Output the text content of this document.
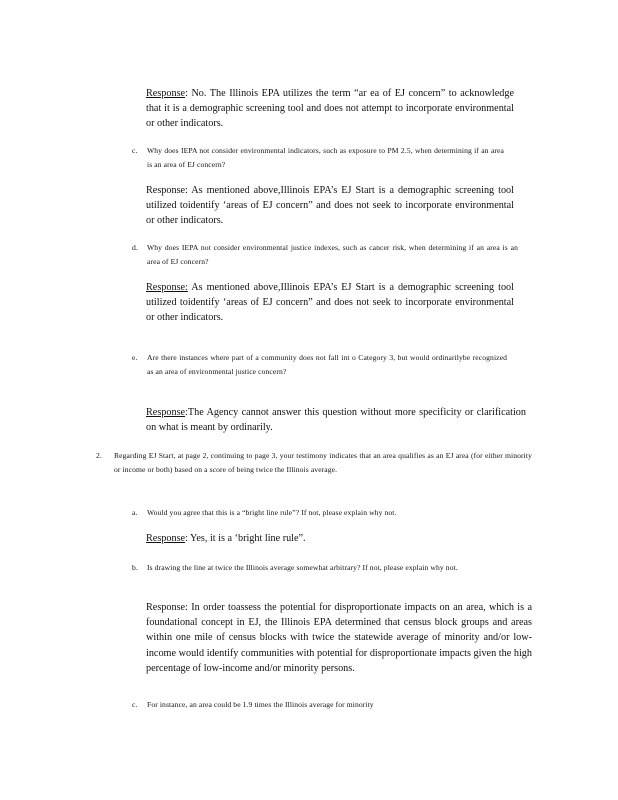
Response: No. The Illinois EPA utilizes the term “ar ea of EJ concern” to acknowledge that it is a demographic screening tool and does not attempt to incorporate environmental or other indicators.
c.	Why does IEPA not consider environmental indicators, such as exposure to PM 2.5, when determining if an area is an area of EJ concern?
Response: As mentioned above,Illinois EPA’s EJ Start is a demographic screening tool utilized toidentify ‘areas of EJ concern” and does not seek to incorporate environmental or other indicators.
d.	Why does IEPA not consider environmental justice indexes, such as cancer risk, when determining if an area is an area of EJ concern?
Response: As mentioned above,Illinois EPA’s EJ Start is a demographic screening tool utilized toidentify ‘areas of EJ concern” and does not seek to incorporate environmental or other indicators.
e.	Are there instances where part of a community does not fall int o Category 3, but would ordinarilybe recognized as an area of environmental justice concern?
Response:The Agency cannot answer this question without more specificity or clarification on what is meant by ordinarily.
2.	Regarding EJ Start, at page 2, continuing to page 3, your testimony indicates that an area qualifies as an EJ area (for either minority or income or both) based on a score of being twice the Illinois average.
a.	Would you agree that this is a “bright line rule”? If not, please explain why not.
Response: Yes, it is a ‘bright line rule”.
b.	Is drawing the line at twice the Illinois average somewhat arbitrary? If not, please explain why not.
Response: In order toassess the potential for disproportionate impacts on an area, which is a foundational concept in EJ, the Illinois EPA determined that census block groups and areas within one mile of census blocks with twice the statewide average of minority and/or low- income would identify communities with potential for disproportionate impacts given the high percentage of low-income and/or minority persons.
c.	For instance, an area could be 1.9 times the Illinois average for minority
